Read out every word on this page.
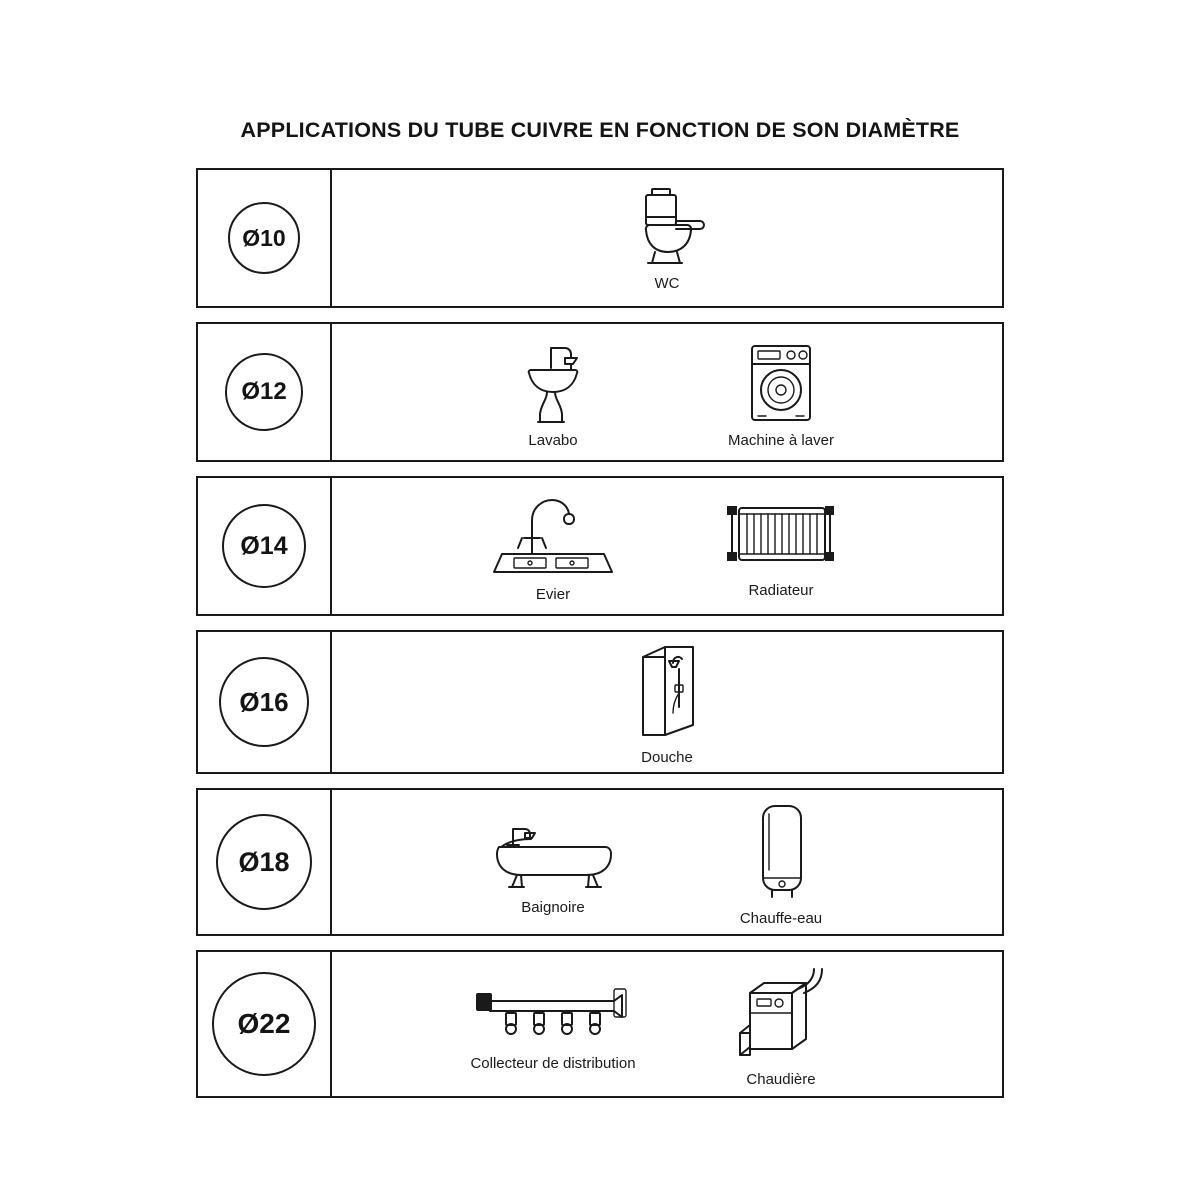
APPLICATIONS DU TUBE CUIVRE EN FONCTION DE SON DIAMÈTRE
Ø10
WC
Ø12
Lavabo	Machine à laver
Ø14
Evier	Radiateur
Ø16
Douche
Ø18
Baignoire
Chauffe-eau
Ø22
Collecteur de distribution
Chaudière
